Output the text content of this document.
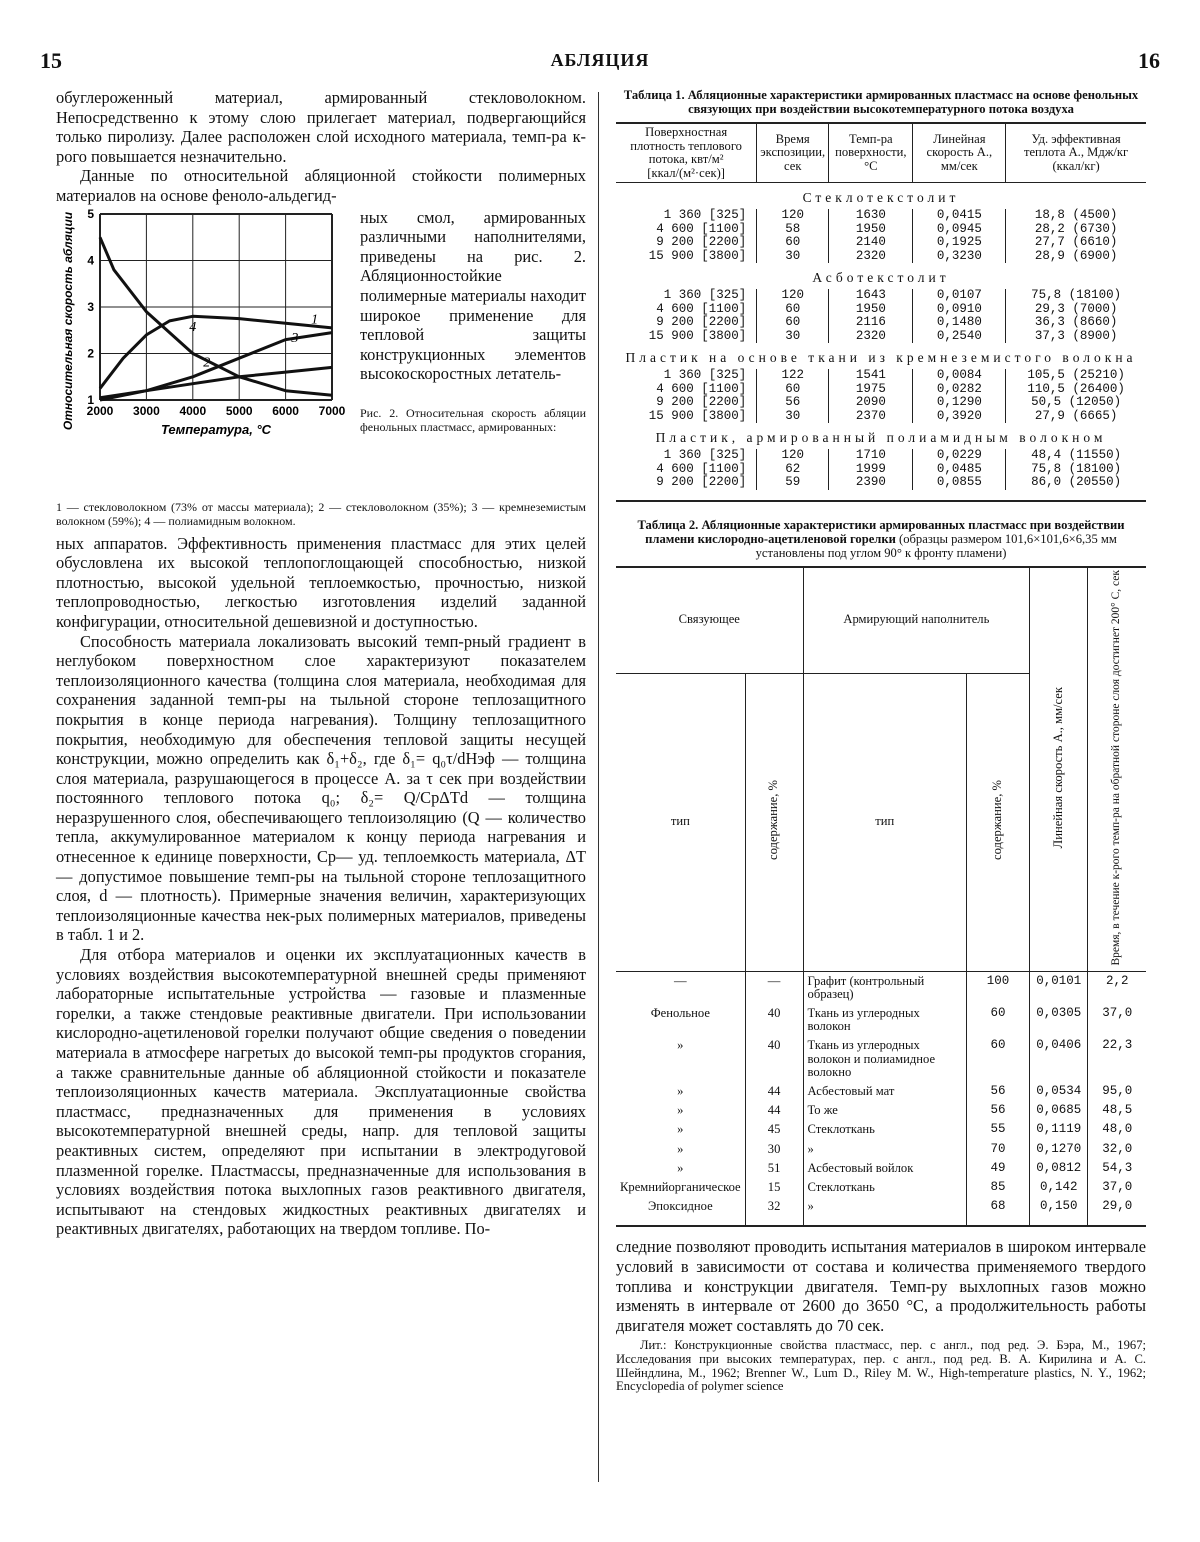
15	АБЛЯЦИЯ	16

обуглероженный материал, армированный стекловолокном. Непосредственно к этому слою прилегает материал, подвергающийся только пиролизу. Далее расположен слой исходного материала, темп-ра к-рого повышается незначительно.

Данные по относительной абляционной стойкости полимерных материалов на основе феноло-альдегид-

2000 3000 4000 5000 6000 7000
1
2
3
4
5
Температура, °С
Относительная скорость абляции	1
2
3
4
ных смол, армированных различными наполнителями, приведены на рис. 2. Абляционностойкие полимерные материалы находит широкое применение для тепловой защиты конструкционных элементов высокоскоростных летатель-
Рис. 2. Относительная скорость абляции фенольных пластмасс, армированных:

1 — стекловолокном (73% от массы материала); 2 — стекловолокном (35%); 3 — кремнеземистым волокном (59%); 4 — полиамидным волокном.

ных аппаратов. Эффективность применения пластмасс для этих целей обусловлена их высокой теплопоглощающей способностью, низкой плотностью, высокой удельной теплоемкостью, прочностью, низкой теплопроводностью, легкостью изготовления изделий заданной конфигурации, относительной дешевизной и доступностью.

Способность материала локализовать высокий темп-рный градиент в неглубоком поверхностном слое характеризуют показателем теплоизоляционного качества (толщина слоя материала, необходимая для сохранения заданной темп-ры на тыльной стороне теплозащитного покрытия в конце периода нагревания). Толщину теплозащитного покрытия, необходимую для обеспечения тепловой защиты несущей конструкции, можно определить как δ₁+δ₂, где δ₁= q₀τ/dHэф — толщина слоя материала, разрушающегося в процессе А. за τ сек при воздействии постоянного теплового потока q₀; δ₂= Q/CpΔTd — толщина неразрушенного слоя, обеспечивающего теплоизоляцию (Q — количество тепла, аккумулированное материалом к концу периода нагревания и отнесенное к единице поверхности, Cp— уд. теплоемкость материала, ΔT — допустимое повышение темп-ры на тыльной стороне теплозащитного слоя, d — плотность). Примерные значения величин, характеризующих теплоизоляционные качества нек-рых полимерных материалов, приведены в табл. 1 и 2.

Для отбора материалов и оценки их эксплуатационных качеств в условиях воздействия высокотемпературной внешней среды применяют лабораторные испытательные устройства — газовые и плазменные горелки, а также стендовые реактивные двигатели. При использовании кислородно-ацетиленовой горелки получают общие сведения о поведении материала в атмосфере нагретых до высокой темп-ры продуктов сгорания, а также сравнительные данные об абляционной стойкости и показателе теплоизоляционных качеств материала. Эксплуатационные свойства пластмасс, предназначенных для применения в условиях высокотемпературной внешней среды, напр. для тепловой защиты реактивных систем, определяют при испытании в электродуговой плазменной горелке. Пластмассы, предназначенные для использования в условиях воздействия потока выхлопных газов реактивного двигателя, испытывают на стендовых жидкостных реактивных двигателях и реактивных двигателях, работающих на твердом топливе. По-

Таблица 1. Абляционные характеристики армированных пластмасс на основе фенольных связующих при воздействии высокотемпературного потока воздуха

Поверхностная плотность теплового потока, квт/м² [ккал/(м²·сек)]	Время экспозиции, сек	Темп-ра поверхности, °С	Линейная скорость А., мм/сек	Уд. эффективная теплота А., Мдж/кг (ккал/кг)
Стеклотекстолит				
1 360 [325]	120	1630	0,0415	18,8 (4500)
4 600 [1100]	58	1950	0,0945	28,2 (6730)
9 200 [2200]	60	2140	0,1925	27,7 (6610)
15 900 [3800]	30	2320	0,3230	28,9 (6900)
Асботекстолит				
1 360 [325]	120	1643	0,0107	75,8 (18100)
4 600 [1100]	60	1950	0,0910	29,3 (7000)
9 200 [2200]	60	2116	0,1480	36,3 (8660)
15 900 [3800]	30	2320	0,2540	37,3 (8900)
Пластик на основе ткани из кремнеземистого волокна				
1 360 [325]	122	1541	0,0084	105,5 (25210)
4 600 [1100]	60	1975	0,0282	110,5 (26400)
9 200 [2200]	56	2090	0,1290	50,5 (12050)
15 900 [3800]	30	2370	0,3920	27,9 (6665)
Пластик, армированный полиамидным волокном				
1 360 [325]	120	1710	0,0229	48,4 (11550)
4 600 [1100]	62	1999	0,0485	75,8 (18100)
9 200 [2200]	59	2390	0,0855	86,0 (20550)

Таблица 2. Абляционные характеристики армированных пластмасс при воздействии пламени кислородно-ацетиленовой горелки (образцы размером 101,6×101,6×6,35 мм установлены под углом 90° к фронту пламени)

Связующее		Армирующий наполнитель		Линейная скорость А., мм/сек	Время, в течение к-рого темп-ра на обратной стороне слоя достигнет 200° С, сек
тип	содержание, %	тип	содержание, %		
—	—	Графит (контрольный образец)	100	0,0101	2,2
Фенольное	40	Ткань из углеродных волокон	60	0,0305	37,0
»	40	Ткань из углеродных волокон и полиамидное волокно	60	0,0406	22,3
»	44	Асбестовый мат	56	0,0534	95,0
»	44	То же	56	0,0685	48,5
»	45	Стеклоткань	55	0,1119	48,0
»	30	»	70	0,1270	32,0
»	51	Асбестовый войлок	49	0,0812	54,3
Кремнийорганическое	15	Стеклоткань	85	0,142	37,0
Эпоксидное	32	»	68	0,150	29,0

следние позволяют проводить испытания материалов в широком интервале условий в зависимости от состава и количества применяемого твердого топлива и конструкции двигателя. Темп-ру выхлопных газов можно изменять в интервале от 2600 до 3650 °С, а продолжительность работы двигателя может составлять до 70 сек.

Лит.: Конструкционные свойства пластмасс, пер. с англ., под ред. Э. Бэра, М., 1967; Исследования при высоких температурах, пер. с англ., под ред. В. А. Кирилина и А. С. Шейндлина, М., 1962; Brenner W., Lum D., Riley M. W., High-temperature plastics, N. Y., 1962; Encyclopedia of polymer science
